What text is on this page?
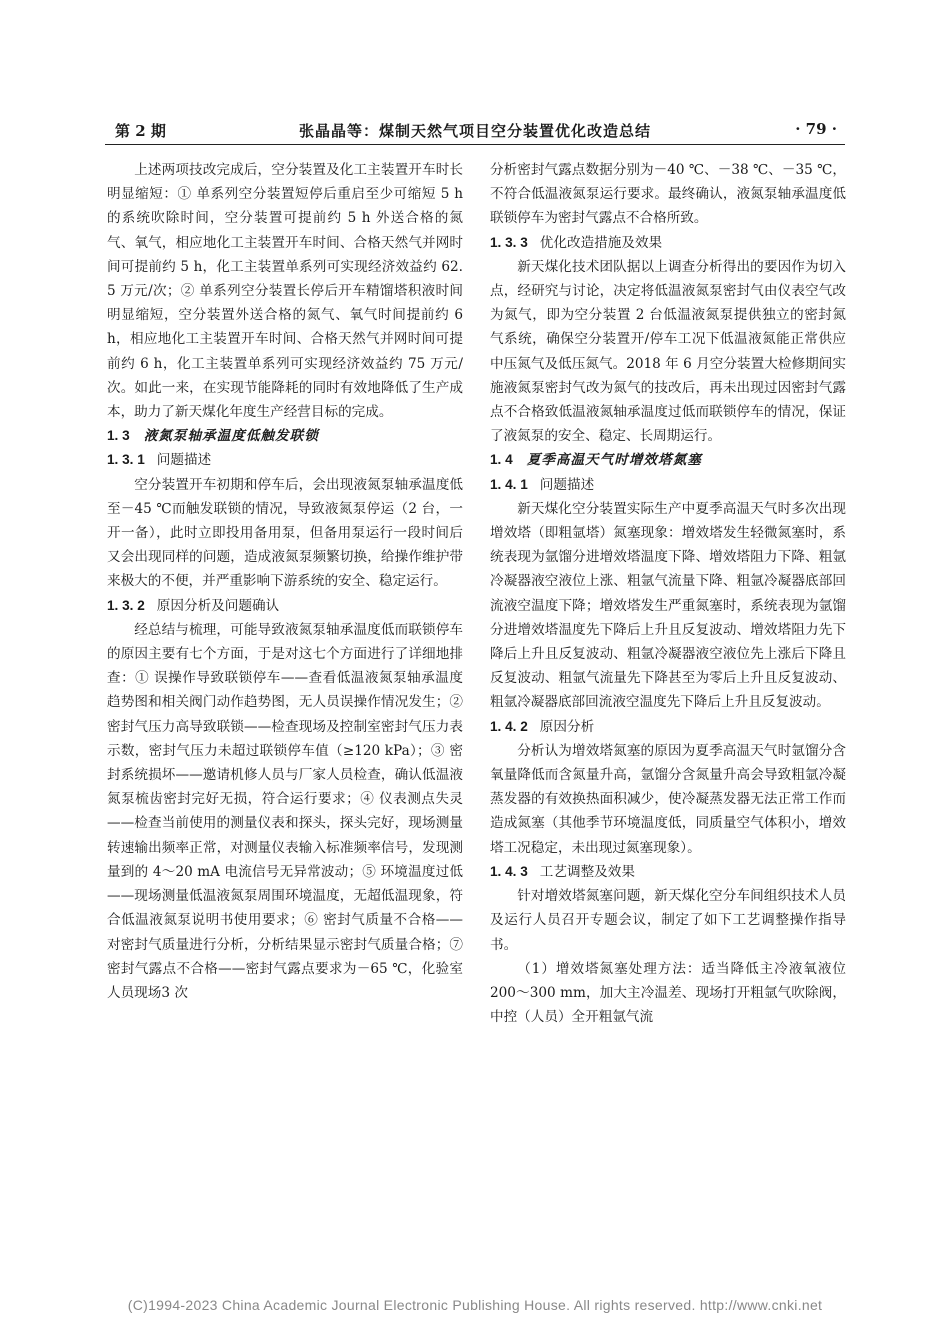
第 2 期	张晶晶等：煤制天然气项目空分装置优化改造总结	· 79 ·

上述两项技改完成后，空分装置及化工主装置开车时长明显缩短：① 单系列空分装置短停后重启至少可缩短 5 h 的系统吹除时间，空分装置可提前约 5 h 外送合格的氮气、氧气，相应地化工主装置开车时间、合格天然气并网时间可提前约 5 h，化工主装置单系列可实现经济效益约 62. 5 万元/次；② 单系列空分装置长停后开车精馏塔积液时间明显缩短，空分装置外送合格的氮气、氧气时间提前约 6 h，相应地化工主装置开车时间、合格天然气并网时间可提前约 6 h，化工主装置单系列可实现经济效益约 75 万元/次。如此一来，在实现节能降耗的同时有效地降低了生产成本，助力了新天煤化年度生产经营目标的完成。

1. 3 液氮泵轴承温度低触发联锁
1. 3. 1 问题描述

空分装置开车初期和停车后，会出现液氮泵轴承温度低至－45 ℃而触发联锁的情况，导致液氮泵停运（2 台，一开一备），此时立即投用备用泵，但备用泵运行一段时间后又会出现同样的问题，造成液氮泵频繁切换，给操作维护带来极大的不便，并严重影响下游系统的安全、稳定运行。

1. 3. 2 原因分析及问题确认

经总结与梳理，可能导致液氮泵轴承温度低而联锁停车的原因主要有七个方面，于是对这七个方面进行了详细地排查：① 误操作导致联锁停车——查看低温液氮泵轴承温度趋势图和相关阀门动作趋势图，无人员误操作情况发生；② 密封气压力高导致联锁——检查现场及控制室密封气压力表示数，密封气压力未超过联锁停车值（≥120 kPa）；③ 密封系统损坏——邀请机修人员与厂家人员检查，确认低温液氮泵梳齿密封完好无损，符合运行要求；④ 仪表测点失灵——检查当前使用的测量仪表和探头，探头完好，现场测量转速输出频率正常，对测量仪表输入标准频率信号，发现测量到的 4～20 mA 电流信号无异常波动；⑤ 环境温度过低——现场测量低温液氮泵周围环境温度，无超低温现象，符合低温液氮泵说明书使用要求；⑥ 密封气质量不合格——对密封气质量进行分析，分析结果显示密封气质量合格；⑦ 密封气露点不合格——密封气露点要求为－65 ℃，化验室人员现场3 次

分析密封气露点数据分别为－40 ℃、－38 ℃、－35 ℃，不符合低温液氮泵运行要求。最终确认，液氮泵轴承温度低联锁停车为密封气露点不合格所致。

1. 3. 3 优化改造措施及效果

新天煤化技术团队据以上调查分析得出的要因作为切入点，经研究与讨论，决定将低温液氮泵密封气由仪表空气改为氮气，即为空分装置 2 台低温液氮泵提供独立的密封氮气系统，确保空分装置开/停车工况下低温液氮能正常供应中压氮气及低压氮气。2018 年 6 月空分装置大检修期间实施液氮泵密封气改为氮气的技改后，再未出现过因密封气露点不合格致低温液氮轴承温度过低而联锁停车的情况，保证了液氮泵的安全、稳定、长周期运行。

1. 4 夏季高温天气时增效塔氮塞
1. 4. 1 问题描述

新天煤化空分装置实际生产中夏季高温天气时多次出现增效塔（即粗氩塔）氮塞现象：增效塔发生轻微氮塞时，系统表现为氩馏分进增效塔温度下降、增效塔阻力下降、粗氩冷凝器液空液位上涨、粗氩气流量下降、粗氩冷凝器底部回流液空温度下降；增效塔发生严重氮塞时，系统表现为氩馏分进增效塔温度先下降后上升且反复波动、增效塔阻力先下降后上升且反复波动、粗氩冷凝器液空液位先上涨后下降且反复波动、粗氩气流量先下降甚至为零后上升且反复波动、粗氩冷凝器底部回流液空温度先下降后上升且反复波动。

1. 4. 2 原因分析

分析认为增效塔氮塞的原因为夏季高温天气时氩馏分含氧量降低而含氮量升高，氩馏分含氮量升高会导致粗氩冷凝蒸发器的有效换热面积减少，使冷凝蒸发器无法正常工作而造成氮塞（其他季节环境温度低，同质量空气体积小，增效塔工况稳定，未出现过氮塞现象）。

1. 4. 3 工艺调整及效果

针对增效塔氮塞问题，新天煤化空分车间组织技术人员及运行人员召开专题会议，制定了如下工艺调整操作指导书。

（1）增效塔氮塞处理方法：适当降低主冷液氧液位 200～300 mm，加大主冷温差、现场打开粗氩气吹除阀，中控（人员）全开粗氩气流

(C)1994-2023 China Academic Journal Electronic Publishing House. All rights reserved. http://www.cnki.net
